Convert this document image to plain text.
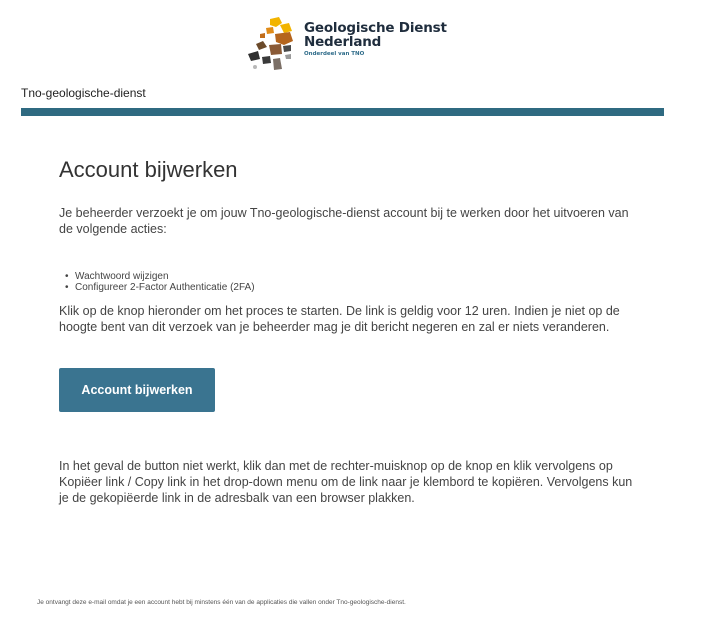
Geologische Dienst
Nederland
Onderdeel van TNO
Tno-geologische-dienst
Account bijwerken

Je beheerder verzoekt je om jouw Tno-geologische-dienst account bij te werken door het uitvoeren van de volgende acties:

• Wachtwoord wijzigen
• Configureer 2-Factor Authenticatie (2FA)

Klik op de knop hieronder om het proces te starten. De link is geldig voor 12 uren. Indien je niet op de hoogte bent van dit verzoek van je beheerder mag je dit bericht negeren en zal er niets veranderen.

Account bijwerken

In het geval de button niet werkt, klik dan met de rechter-muisknop op de knop en klik vervolgens op Kopiëer link / Copy link in het drop-down menu om de link naar je klembord te kopiëren. Vervolgens kun je de gekopiëerde link in de adresbalk van een browser plakken.

Je ontvangt deze e-mail omdat je een account hebt bij minstens één van de applicaties die vallen onder Tno-geologische-dienst.
